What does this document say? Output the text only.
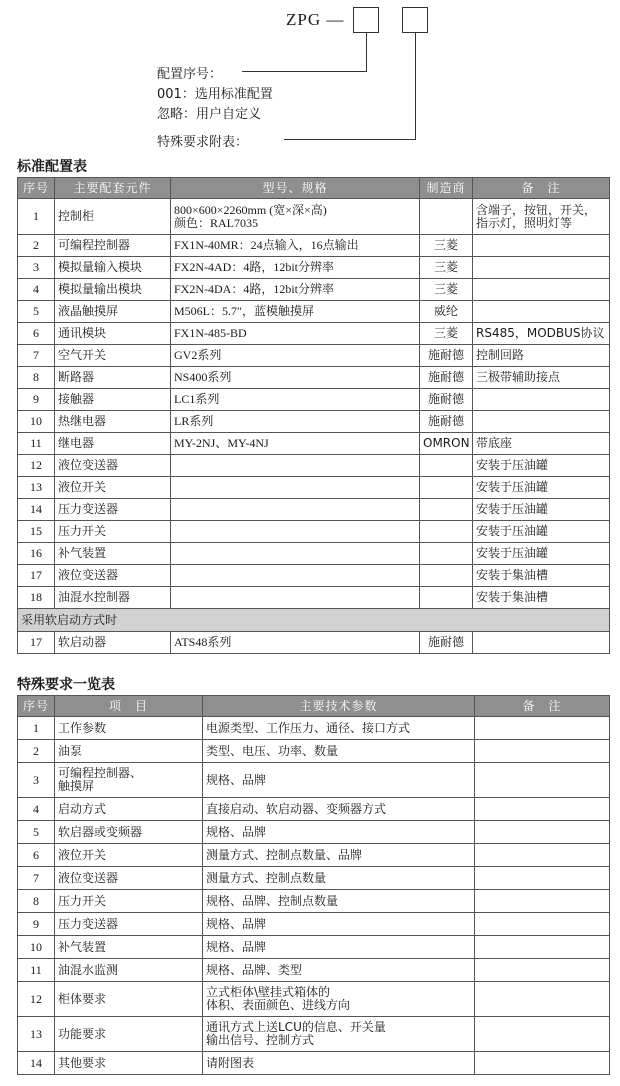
ZPG —
配置序号：
001：选用标准配置
忽略：用户自定义
特殊要求附表：
标准配置表
序号	主要配套元件	型号、规格	制造商	备　注
1	控制柜	800×600×2260mm (宽×深×高)
颜色：RAL7035		含端子，按钮，开关，
指示灯，照明灯等
2	可编程控制器	FX1N-40MR：24点输入，16点输出	三菱	
3	模拟量输入模块	FX2N-4AD：4路，12bit分辨率	三菱	
4	模拟量输出模块	FX2N-4DA：4路，12bit分辨率	三菱	
5	液晶触摸屏	M506L：5.7″，蓝模触摸屏	威纶	
6	通讯模块	FX1N-485-BD	三菱	RS485，MODBUS协议
7	空气开关	GV2系列	施耐德	控制回路
8	断路器	NS400系列	施耐德	三极带辅助接点
9	接触器	LC1系列	施耐德	
10	热继电器	LR系列	施耐德	
11	继电器	MY-2NJ、MY-4NJ	OMRON	带底座
12	液位变送器			安装于压油罐
13	液位开关			安装于压油罐
14	压力变送器			安装于压油罐
15	压力开关			安装于压油罐
16	补气装置			安装于压油罐
17	液位变送器			安装于集油槽
18	油混水控制器			安装于集油槽
采用软启动方式时				
17	软启动器	ATS48系列	施耐德	
特殊要求一览表
序号	项　目	主要技术参数	备　注
1	工作参数	电源类型、工作压力、通径、接口方式	
2	油泵	类型、电压、功率、数量	
3	可编程控制器、
触摸屏	规格、品牌	
4	启动方式	直接启动、软启动器、变频器方式	
5	软启器或变频器	规格、品牌	
6	液位开关	测量方式、控制点数量、品牌	
7	液位变送器	测量方式、控制点数量	
8	压力开关	规格、品牌、控制点数量	
9	压力变送器	规格、品牌	
10	补气装置	规格、品牌	
11	油混水监测	规格、品牌、类型	
12	柜体要求	立式柜体\壁挂式箱体的
体积、表面颜色、进线方向	
13	功能要求	通讯方式上送LCU的信息、开关量
输出信号、控制方式	
14	其他要求	请附图表	
